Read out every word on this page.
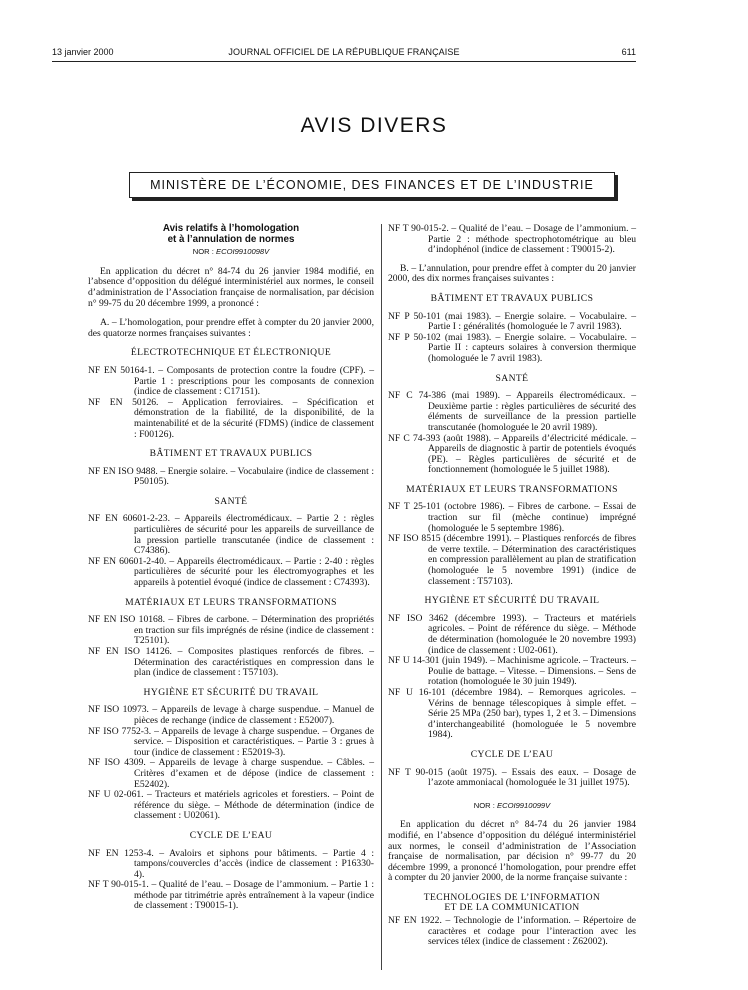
13 janvier 2000	JOURNAL OFFICIEL DE LA RÉPUBLIQUE FRANÇAISE	611
AVIS DIVERS
MINISTÈRE DE L’ÉCONOMIE, DES FINANCES ET DE L’INDUSTRIE
Avis relatifs à l’homologation
et à l’annulation de normes
NOR : ECOI9910098V

En application du décret n° 84-74 du 26 janvier 1984 modifié, en l’absence d’opposition du délégué interministériel aux normes, le conseil d’administration de l’Association française de normalisation, par décision n° 99-75 du 20 décembre 1999, a prononcé :

A. – L’homologation, pour prendre effet à compter du 20 janvier 2000, des quatorze normes françaises suivantes :

ÉLECTROTECHNIQUE ET ÉLECTRONIQUE
NF EN 50164-1. – Composants de protection contre la foudre (CPF). – Partie 1 : prescriptions pour les composants de connexion (indice de classement : C17151).
NF EN 50126. – Application ferroviaires. – Spécification et démonstration de la fiabilité, de la disponibilité, de la maintenabilité et de la sécurité (FDMS) (indice de classement : F00126).
BÂTIMENT ET TRAVAUX PUBLICS
NF EN ISO 9488. – Energie solaire. – Vocabulaire (indice de classement : P50105).
SANTÉ
NF EN 60601-2-23. – Appareils électromédicaux. – Partie 2 : règles particulières de sécurité pour les appareils de surveillance de la pression partielle transcutanée (indice de classement : C74386).
NF EN 60601-2-40. – Appareils électromédicaux. – Partie : 2-40 : règles particulières de sécurité pour les électromyographes et les appareils à potentiel évoqué (indice de classement : C74393).
MATÉRIAUX ET LEURS TRANSFORMATIONS
NF EN ISO 10168. – Fibres de carbone. – Détermination des propriétés en traction sur fils imprégnés de résine (indice de classement : T25101).
NF EN ISO 14126. – Composites plastiques renforcés de fibres. – Détermination des caractéristiques en compression dans le plan (indice de classement : T57103).
HYGIÈNE ET SÉCURITÉ DU TRAVAIL
NF ISO 10973. – Appareils de levage à charge suspendue. – Manuel de pièces de rechange (indice de classement : E52007).
NF ISO 7752-3. – Appareils de levage à charge suspendue. – Organes de service. – Disposition et caractéristiques. – Partie 3 : grues à tour (indice de classement : E52019-3).
NF ISO 4309. – Appareils de levage à charge suspendue. – Câbles. – Critères d’examen et de dépose (indice de classement : E52402).
NF U 02-061. – Tracteurs et matériels agricoles et forestiers. – Point de référence du siège. – Méthode de détermination (indice de classement : U02061).
CYCLE DE L’EAU
NF EN 1253-4. – Avaloirs et siphons pour bâtiments. – Partie 4 : tampons/couvercles d’accès (indice de classement : P16330-4).
NF T 90-015-1. – Qualité de l’eau. – Dosage de l’ammonium. – Partie 1 : méthode par titrimétrie après entraînement à la vapeur (indice de classement : T90015-1).
NF T 90-015-2. – Qualité de l’eau. – Dosage de l’ammonium. – Partie 2 : méthode spectrophotométrique au bleu d’indophénol (indice de classement : T90015-2).

B. – L’annulation, pour prendre effet à compter du 20 janvier 2000, des dix normes françaises suivantes :

BÂTIMENT ET TRAVAUX PUBLICS
NF P 50-101 (mai 1983). – Energie solaire. – Vocabulaire. – Partie I : généralités (homologuée le 7 avril 1983).
NF P 50-102 (mai 1983). – Energie solaire. – Vocabulaire. – Partie II : capteurs solaires à conversion thermique (homologuée le 7 avril 1983).
SANTÉ
NF C 74-386 (mai 1989). – Appareils électromédicaux. – Deuxième partie : règles particulières de sécurité des éléments de surveillance de la pression partielle transcutanée (homologuée le 20 avril 1989).
NF C 74-393 (août 1988). – Appareils d’électricité médicale. – Appareils de diagnostic à partir de potentiels évoqués (PE). – Règles particulières de sécurité et de fonctionnement (homologuée le 5 juillet 1988).
MATÉRIAUX ET LEURS TRANSFORMATIONS
NF T 25-101 (octobre 1986). – Fibres de carbone. – Essai de traction sur fil (mèche continue) imprégné (homologuée le 5 septembre 1986).
NF ISO 8515 (décembre 1991). – Plastiques renforcés de fibres de verre textile. – Détermination des caractéristiques en compression parallèlement au plan de stratification (homologuée le 5 novembre 1991) (indice de classement : T57103).
HYGIÈNE ET SÉCURITÉ DU TRAVAIL
NF ISO 3462 (décembre 1993). – Tracteurs et matériels agricoles. – Point de référence du siège. – Méthode de détermination (homologuée le 20 novembre 1993) (indice de classement : U02-061).
NF U 14-301 (juin 1949). – Machinisme agricole. – Tracteurs. – Poulie de battage. – Vitesse. – Dimensions. – Sens de rotation (homologuée le 30 juin 1949).
NF U 16-101 (décembre 1984). – Remorques agricoles. – Vérins de bennage télescopiques à simple effet. – Série 25 MPa (250 bar), types 1, 2 et 3. – Dimensions d’interchangeabilité (homologuée le 5 novembre 1984).
CYCLE DE L’EAU
NF T 90-015 (août 1975). – Essais des eaux. – Dosage de l’azote ammoniacal (homologuée le 31 juillet 1975).
NOR : ECOI9910099V

En application du décret n° 84-74 du 26 janvier 1984 modifié, en l’absence d’opposition du délégué interministériel aux normes, le conseil d’administration de l’Association française de normalisation, par décision n° 99-77 du 20 décembre 1999, a prononcé l’homologation, pour prendre effet à compter du 20 janvier 2000, de la norme française suivante :

TECHNOLOGIES DE L’INFORMATION
ET DE LA COMMUNICATION
NF EN 1922. – Technologie de l’information. – Répertoire de caractères et codage pour l’interaction avec les services télex (indice de classement : Z62002).
